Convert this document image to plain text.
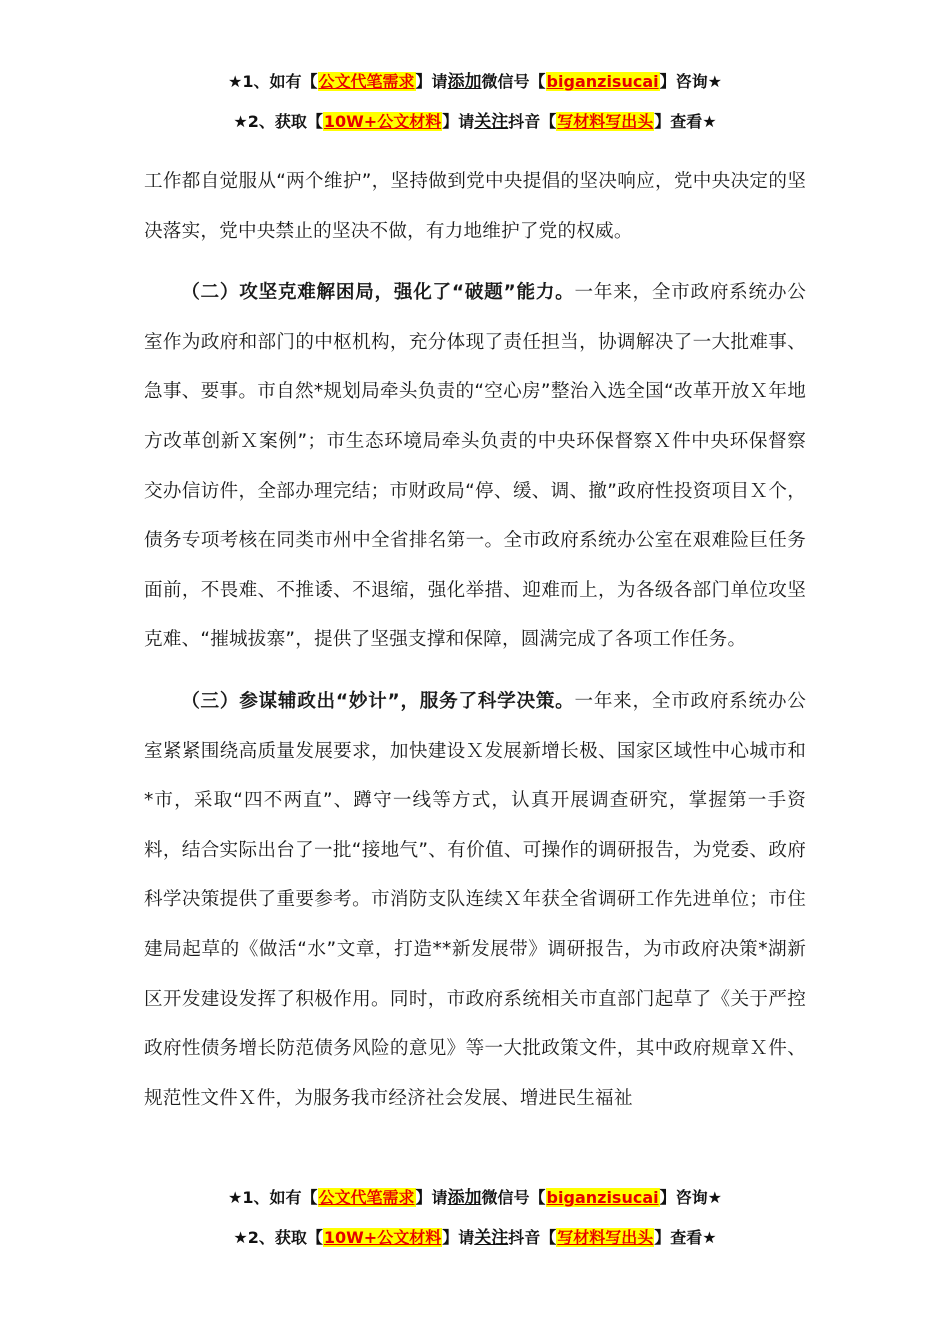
★1、如有【公文代笔需求】请添加微信号【biganzisucai】咨询★
★2、获取【10W+公文材料】请关注抖音【写材料写出头】查看★

工作都自觉服从“两个维护”，坚持做到党中央提倡的坚决响应，党中央决定的坚决落实，党中央禁止的坚决不做，有力地维护了党的权威。

（二）攻坚克难解困局，强化了“破题”能力。一年来，全市政府系统办公室作为政府和部门的中枢机构，充分体现了责任担当，协调解决了一大批难事、急事、要事。市自然*规划局牵头负责的“空心房”整治入选全国“改革开放Ｘ年地方改革创新Ｘ案例”；市生态环境局牵头负责的中央环保督察Ｘ件中央环保督察交办信访件，全部办理完结；市财政局“停、缓、调、撤”政府性投资项目Ｘ个，债务专项考核在同类市州中全省排名第一。全市政府系统办公室在艰难险巨任务面前，不畏难、不推诿、不退缩，强化举措、迎难而上，为各级各部门单位攻坚克难、“摧城拔寨”，提供了坚强支撑和保障，圆满完成了各项工作任务。

（三）参谋辅政出“妙计”，服务了科学决策。一年来，全市政府系统办公室紧紧围绕高质量发展要求，加快建设Ｘ发展新增长极、国家区域性中心城市和*市，采取“四不两直”、蹲守一线等方式，认真开展调查研究，掌握第一手资料，结合实际出台了一批“接地气”、有价值、可操作的调研报告，为党委、政府科学决策提供了重要参考。市消防支队连续Ｘ年获全省调研工作先进单位；市住建局起草的《做活“水”文章，打造**新发展带》调研报告，为市政府决策*湖新区开发建设发挥了积极作用。同时，市政府系统相关市直部门起草了《关于严控政府性债务增长防范债务风险的意见》等一大批政策文件，其中政府规章Ｘ件、规范性文件Ｘ件，为服务我市经济社会发展、增进民生福祉

★1、如有【公文代笔需求】请添加微信号【biganzisucai】咨询★
★2、获取【10W+公文材料】请关注抖音【写材料写出头】查看★
